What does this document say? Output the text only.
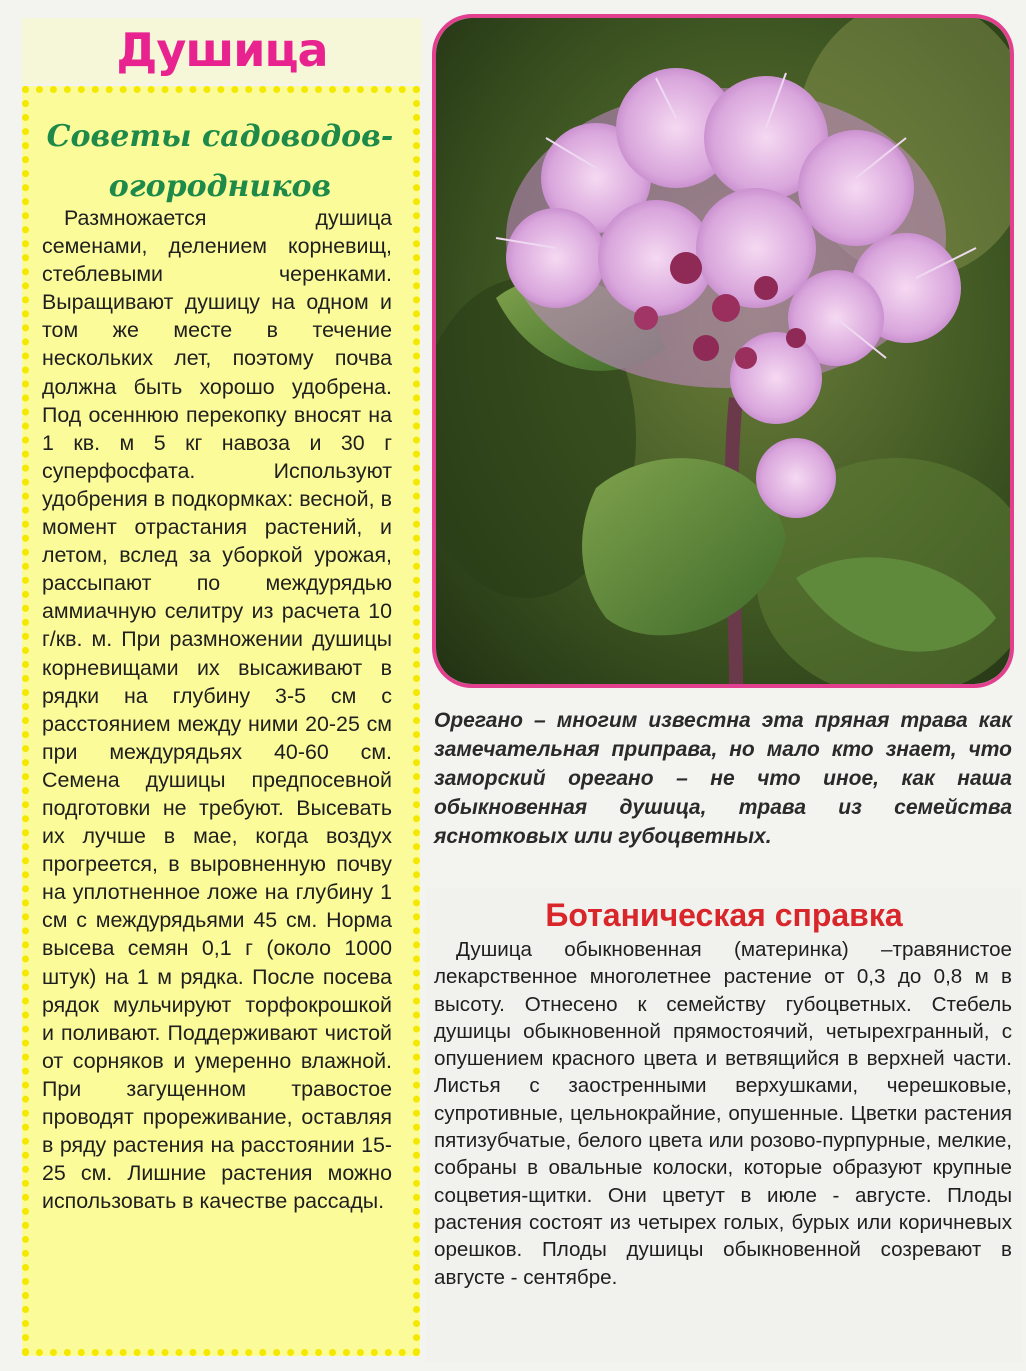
Душица
Советы садоводов-огородников
Размножается душица семенами, делением корневищ, стеблевыми черенками. Выращивают душицу на одном и том же месте в течение нескольких лет, поэтому почва должна быть хорошо удобрена. Под осеннюю перекопку вносят на 1 кв. м 5 кг навоза и 30 г суперфосфата. Используют удобрения в подкормках: весной, в момент отрастания растений, и летом, вслед за уборкой урожая, рассыпают по междурядью аммиачную селитру из расчета 10 г/кв. м. При размножении душицы корневищами их высаживают в рядки на глубину 3-5 см с расстоянием между ними 20-25 см при междурядьях 40-60 см. Семена душицы предпосевной подготовки не требуют. Высевать их лучше в мае, когда воздух прогреется, в выровненную почву на уплотненное ложе на глубину 1 см с междурядьями 45 см. Норма высева семян 0,1 г (около 1000 штук) на 1 м рядка. После посева рядок мульчируют торфокрошкой и поливают. Поддерживают чистой от сорняков и умеренно влажной. При загущенном травостое проводят прореживание, оставляя в ряду растения на расстоянии 15-25 см. Лишние растения можно использовать в качестве рассады.

Орегано – многим известна эта пряная трава как замечательная приправа, но мало кто знает, что заморский орегано – не что иное, как наша обыкновенная душица, трава из семейства яснотковых или губоцветных.

Ботаническая справка
Душица обыкновенная (материнка) –травянистое лекарственное многолетнее растение от 0,3 до 0,8 м в высоту. Отнесено к семейству губоцветных. Стебель душицы обыкновенной прямостоячий, четырехгранный, с опушением красного цвета и ветвящийся в верхней части. Листья с заостренными верхушками, черешковые, супротивные, цельнокрайние, опушенные. Цветки растения пятизубчатые, белого цвета или розово-пурпурные, мелкие, собраны в овальные колоски, которые образуют крупные соцветия-щитки. Они цветут в июле - августе. Плоды растения состоят из четырех голых, бурых или коричневых орешков. Плоды душицы обыкновенной созревают в августе - сентябре.
